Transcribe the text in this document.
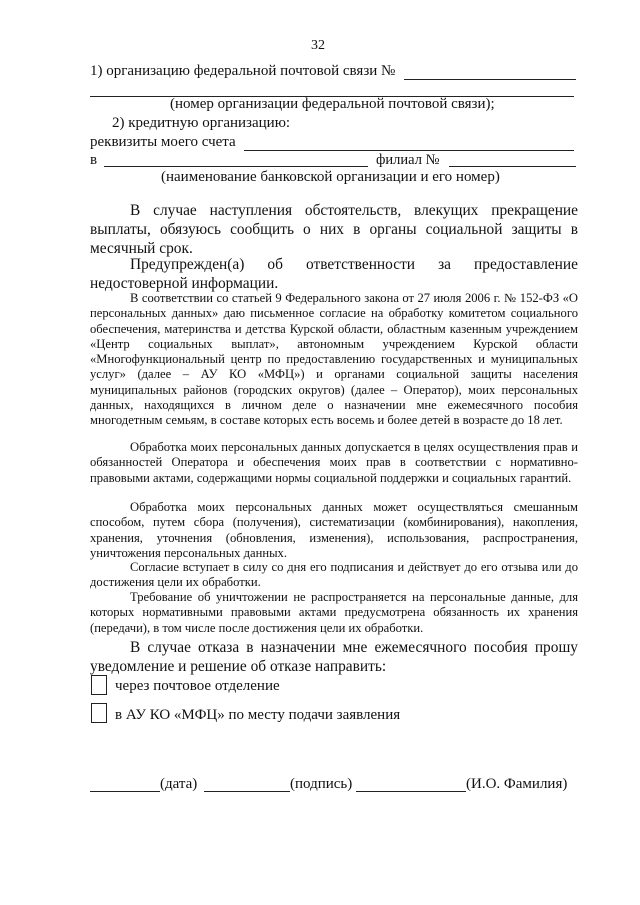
32
1) организацию федеральной почтовой связи №
(номер организации федеральной почтовой связи);
2) кредитную организацию:
реквизиты моего счета
в	филиал №
(наименование банковской организации и его номер)
В случае наступления обстоятельств, влекущих прекращение выплаты, обязуюсь сообщить о них в органы социальной защиты в месячный срок.
Предупрежден(а) об ответственности за предоставление недостоверной информации.
В соответствии со статьей 9 Федерального закона от 27 июля 2006 г. № 152-ФЗ «О персональных данных» даю письменное согласие на обработку комитетом социального обеспечения, материнства и детства Курской области, областным казенным учреждением «Центр социальных выплат», автономным учреждением Курской области «Многофункциональный центр по предоставлению государственных и муниципальных услуг» (далее – АУ КО «МФЦ») и органами социальной защиты населения муниципальных районов (городских округов) (далее – Оператор), моих персональных данных, находящихся в личном деле о назначении мне ежемесячного пособия многодетным семьям, в составе которых есть восемь и более детей в возрасте до 18 лет.
Обработка моих персональных данных допускается в целях осуществления прав и обязанностей Оператора и обеспечения моих прав в соответствии с нормативно-правовыми актами, содержащими нормы социальной поддержки и социальных гарантий.
Обработка моих персональных данных может осуществляться смешанным способом, путем сбора (получения), систематизации (комбинирования), накопления, хранения, уточнения (обновления, изменения), использования, распространения, уничтожения персональных данных.
Согласие вступает в силу со дня его подписания и действует до его отзыва или до достижения цели их обработки.
Требование об уничтожении не распространяется на персональные данные, для которых нормативными правовыми актами предусмотрена обязанность их хранения (передачи), в том числе после достижения цели их обработки.
В случае отказа в назначении мне ежемесячного пособия прошу уведомление и решение об отказе направить:
через почтовое отделение
в АУ КО «МФЦ» по месту подачи заявления
(дата)	(подпись)	(И.О. Фамилия)
